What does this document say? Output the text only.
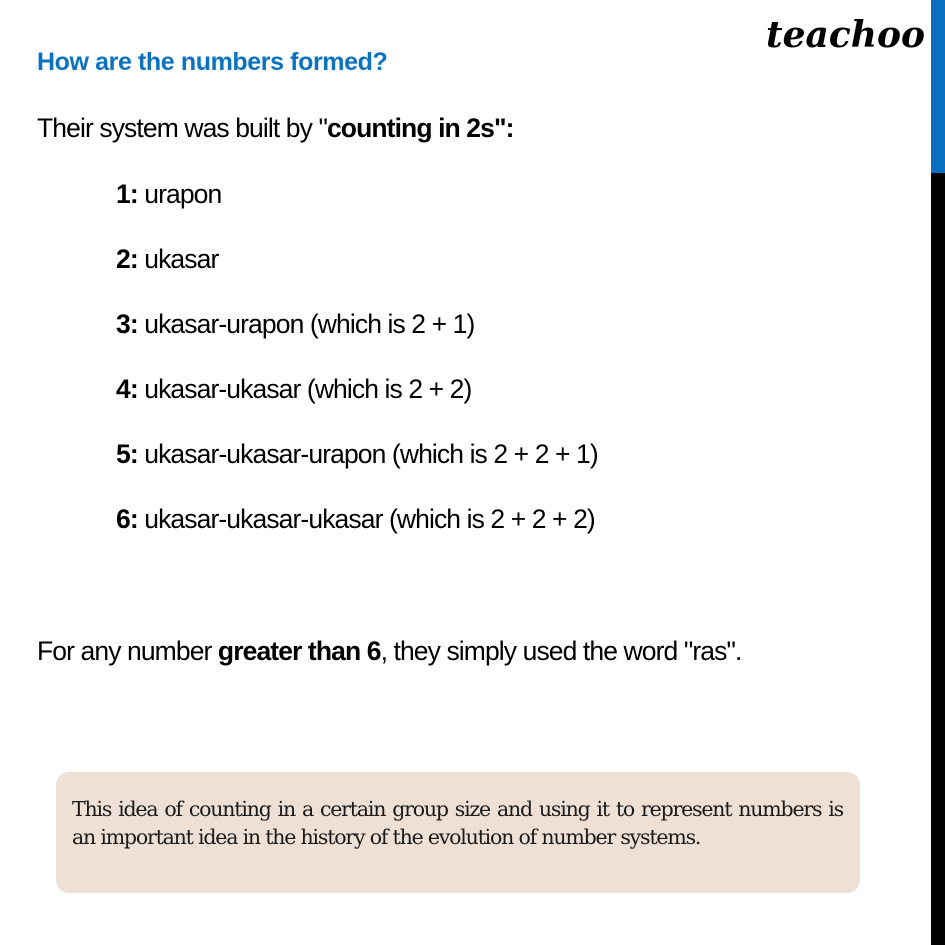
teachoo
How are the numbers formed?
Their system was built by "counting in 2s":
1: urapon
2: ukasar
3: ukasar-urapon (which is 2 + 1)
4: ukasar-ukasar (which is 2 + 2)
5: ukasar-ukasar-urapon (which is 2 + 2 + 1)
6: ukasar-ukasar-ukasar (which is 2 + 2 + 2)
For any number greater than 6, they simply used the word "ras".
This idea of counting in a certain group size and using it to represent numbers is an important idea in the history of the evolution of number systems.
